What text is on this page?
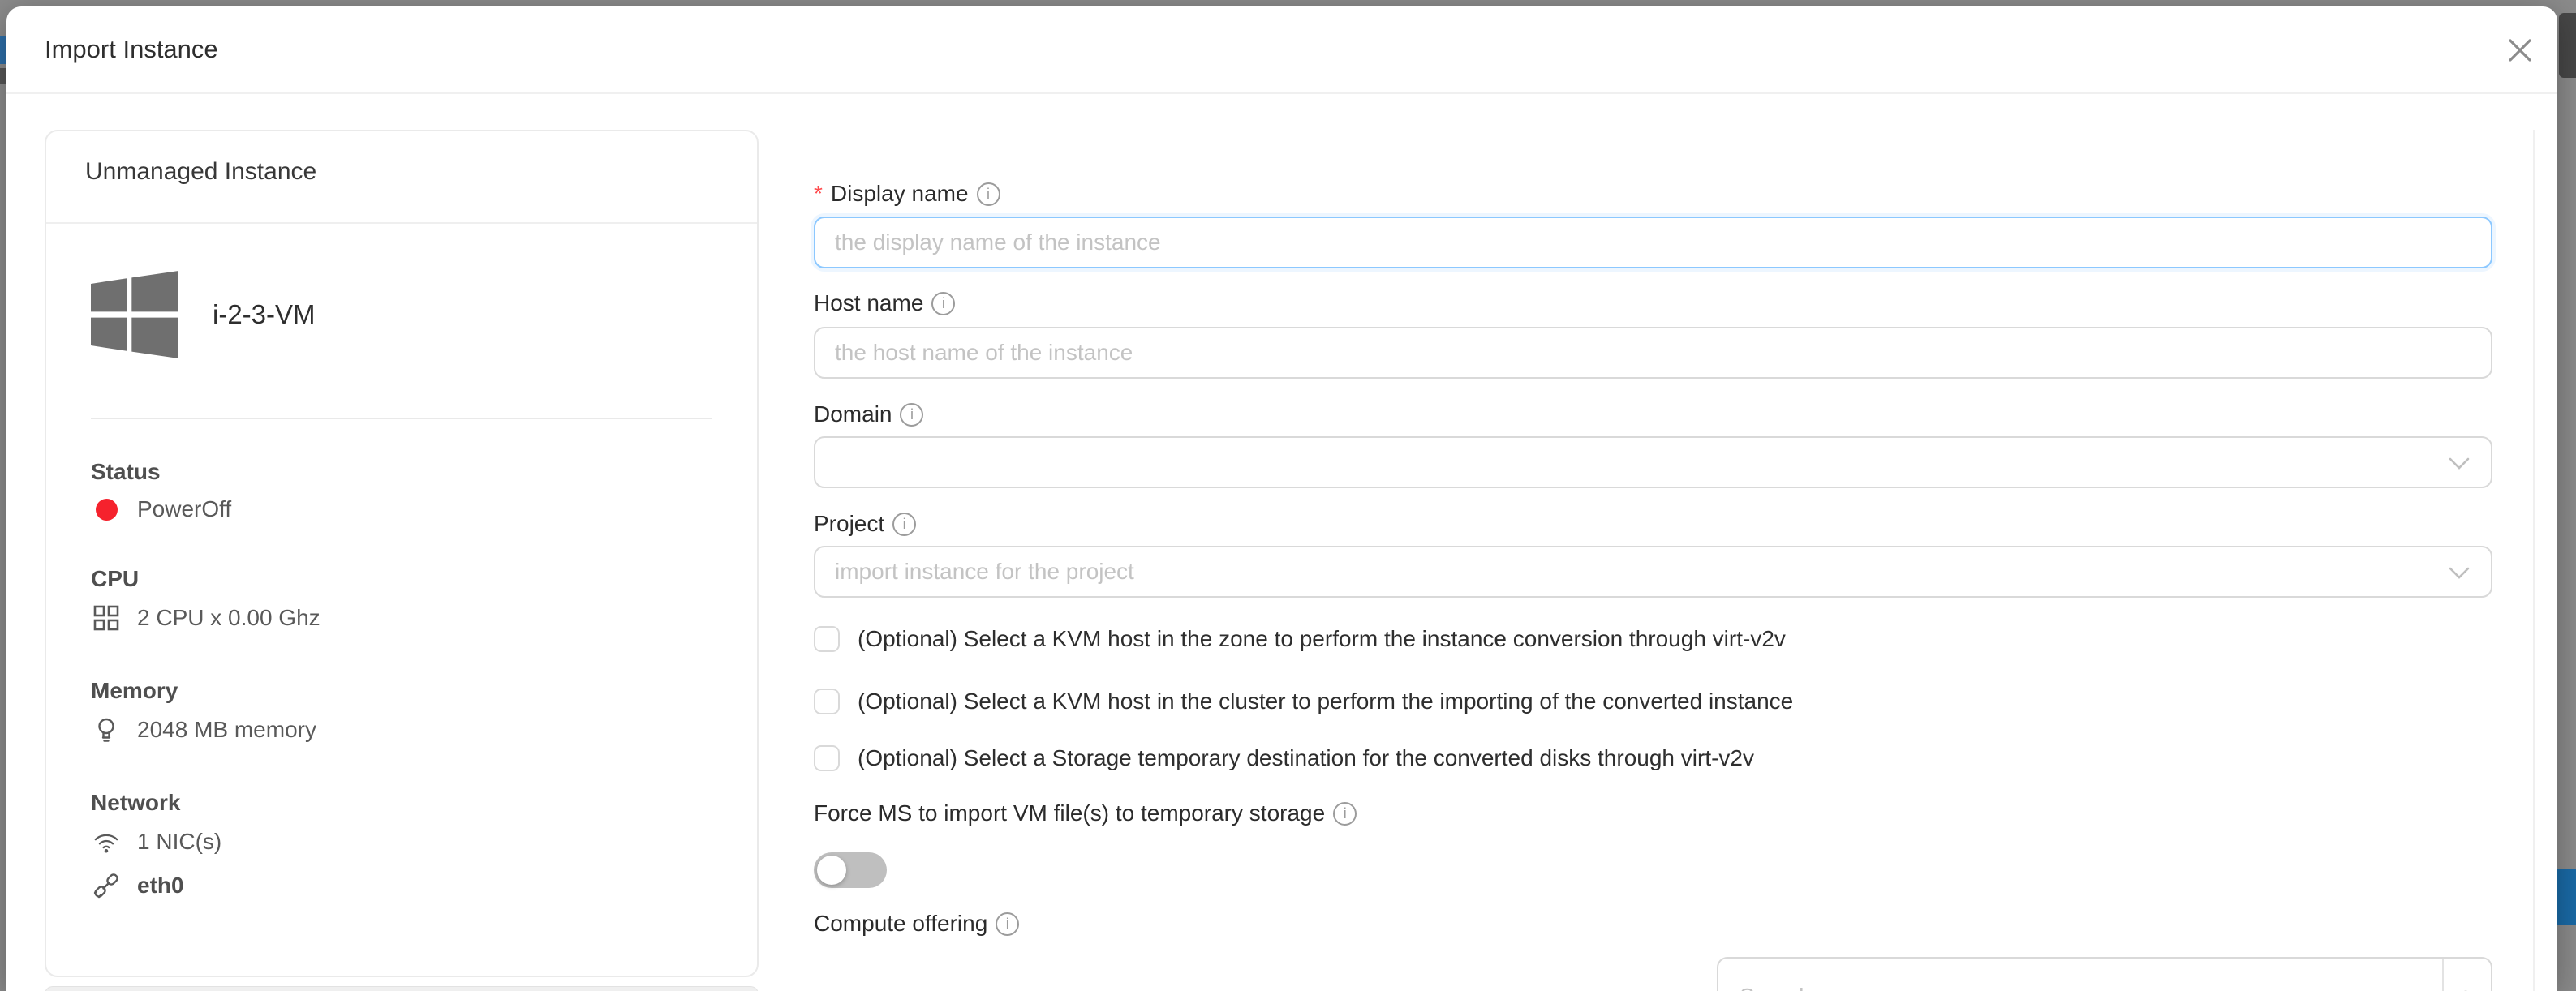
Import Instance
Unmanaged Instance
i-2-3-VM
Status
PowerOff
CPU
2 CPU x 0.00 Ghz
Memory
2048 MB memory
Network
1 NIC(s)
eth0
* Display name
i
the display name of the instance
Host name
i
the host name of the instance
Domain
i
Project
i
import instance for the project
(Optional) Select a KVM host in the zone to perform the instance conversion through virt-v2v
(Optional) Select a KVM host in the cluster to perform the importing of the converted instance
(Optional) Select a Storage temporary destination for the converted disks through virt-v2v
Force MS to import VM file(s) to temporary storage
i
Compute offering
i
Search
